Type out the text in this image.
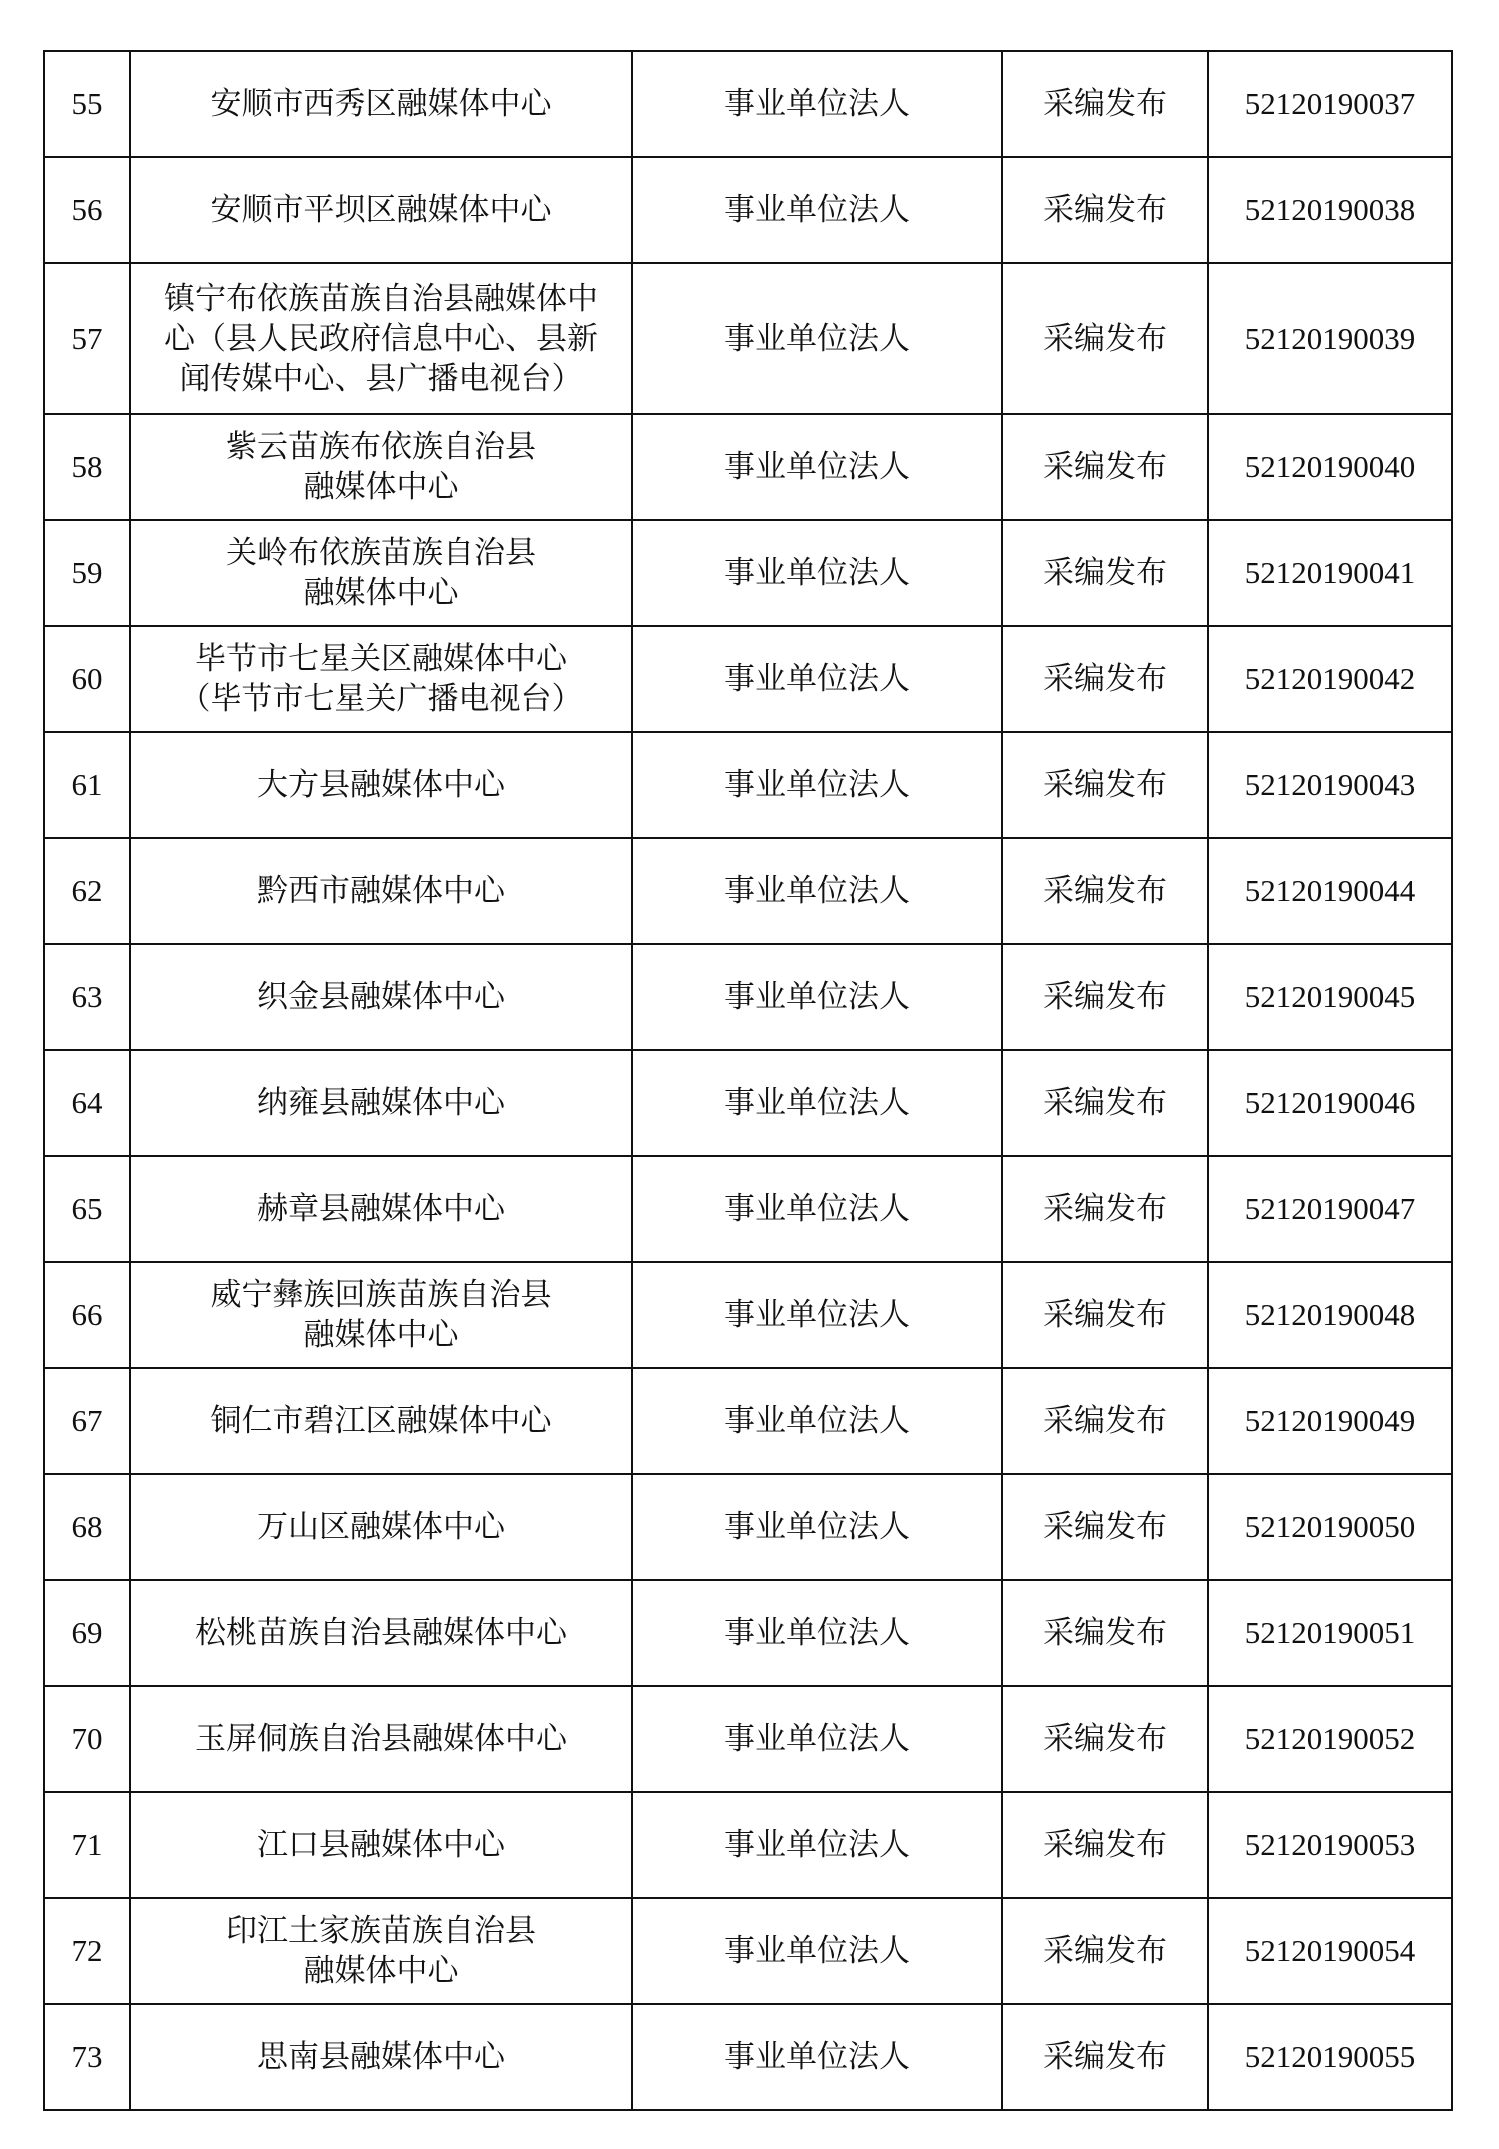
55	安顺市西秀区融媒体中心	事业单位法人	采编发布	52120190037
56	安顺市平坝区融媒体中心	事业单位法人	采编发布	52120190038
57	镇宁布依族苗族自治县融媒体中
心（县人民政府信息中心、县新
闻传媒中心、县广播电视台）	事业单位法人	采编发布	52120190039
58	紫云苗族布依族自治县
融媒体中心	事业单位法人	采编发布	52120190040
59	关岭布依族苗族自治县
融媒体中心	事业单位法人	采编发布	52120190041
60	毕节市七星关区融媒体中心
（毕节市七星关广播电视台）	事业单位法人	采编发布	52120190042
61	大方县融媒体中心	事业单位法人	采编发布	52120190043
62	黔西市融媒体中心	事业单位法人	采编发布	52120190044
63	织金县融媒体中心	事业单位法人	采编发布	52120190045
64	纳雍县融媒体中心	事业单位法人	采编发布	52120190046
65	赫章县融媒体中心	事业单位法人	采编发布	52120190047
66	威宁彝族回族苗族自治县
融媒体中心	事业单位法人	采编发布	52120190048
67	铜仁市碧江区融媒体中心	事业单位法人	采编发布	52120190049
68	万山区融媒体中心	事业单位法人	采编发布	52120190050
69	松桃苗族自治县融媒体中心	事业单位法人	采编发布	52120190051
70	玉屏侗族自治县融媒体中心	事业单位法人	采编发布	52120190052
71	江口县融媒体中心	事业单位法人	采编发布	52120190053
72	印江土家族苗族自治县
融媒体中心	事业单位法人	采编发布	52120190054
73	思南县融媒体中心	事业单位法人	采编发布	52120190055
